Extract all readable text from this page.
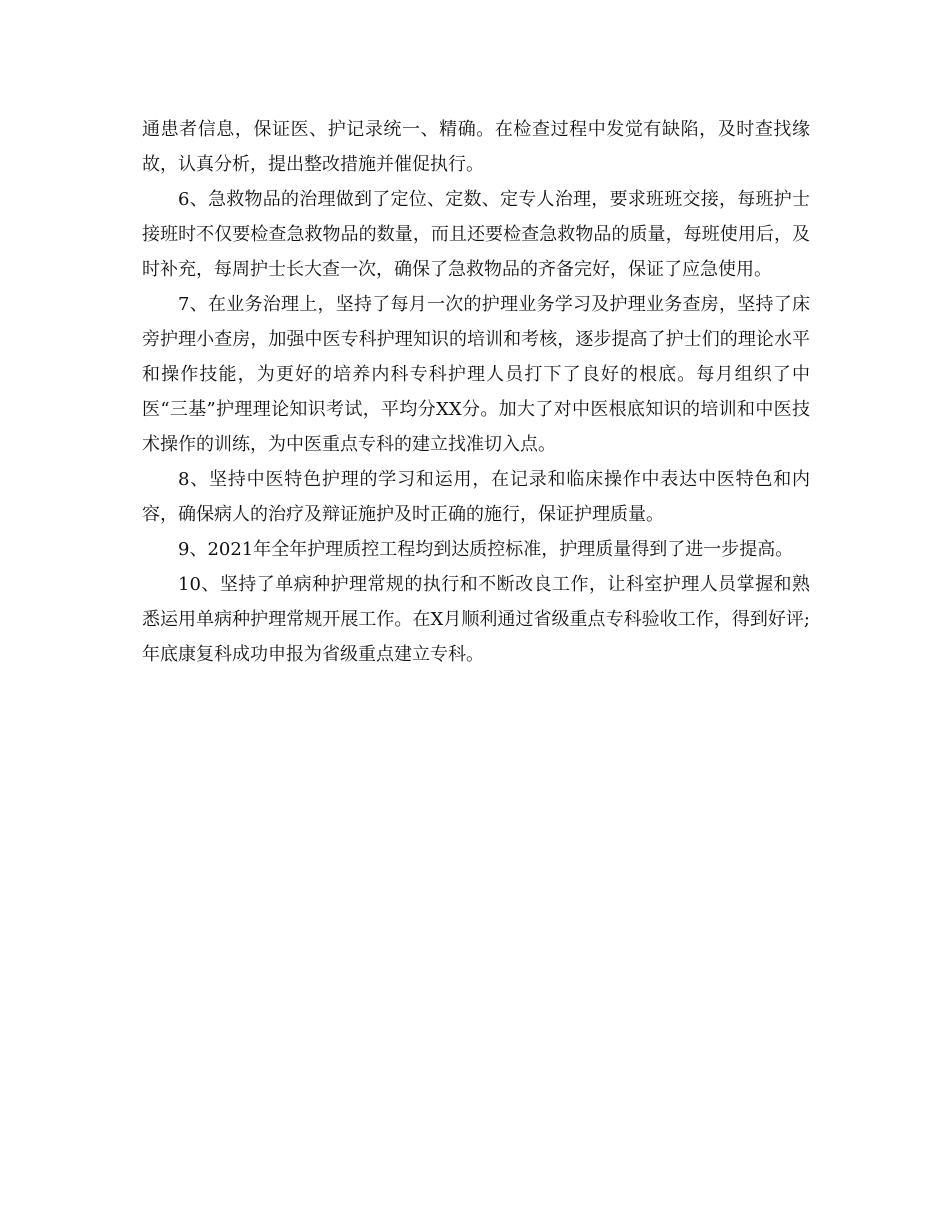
通患者信息，保证医、护记录统一、精确。在检查过程中发觉有缺陷，及时查找缘故，认真分析，提出整改措施并催促执行。

6、急救物品的治理做到了定位、定数、定专人治理，要求班班交接，每班护士接班时不仅要检查急救物品的数量，而且还要检查急救物品的质量，每班使用后，及时补充，每周护士长大查一次，确保了急救物品的齐备完好，保证了应急使用。

7、在业务治理上，坚持了每月一次的护理业务学习及护理业务查房，坚持了床旁护理小查房，加强中医专科护理知识的培训和考核，逐步提高了护士们的理论水平和操作技能，为更好的培养内科专科护理人员打下了良好的根底。每月组织了中医“三基”护理理论知识考试，平均分XX分。加大了对中医根底知识的培训和中医技术操作的训练，为中医重点专科的建立找准切入点。

8、坚持中医特色护理的学习和运用，在记录和临床操作中表达中医特色和内容，确保病人的治疗及辩证施护及时正确的施行，保证护理质量。

9、2021年全年护理质控工程均到达质控标准，护理质量得到了进一步提高。

10、坚持了单病种护理常规的执行和不断改良工作，让科室护理人员掌握和熟悉运用单病种护理常规开展工作。在X月顺利通过省级重点专科验收工作，得到好评;年底康复科成功申报为省级重点建立专科。
